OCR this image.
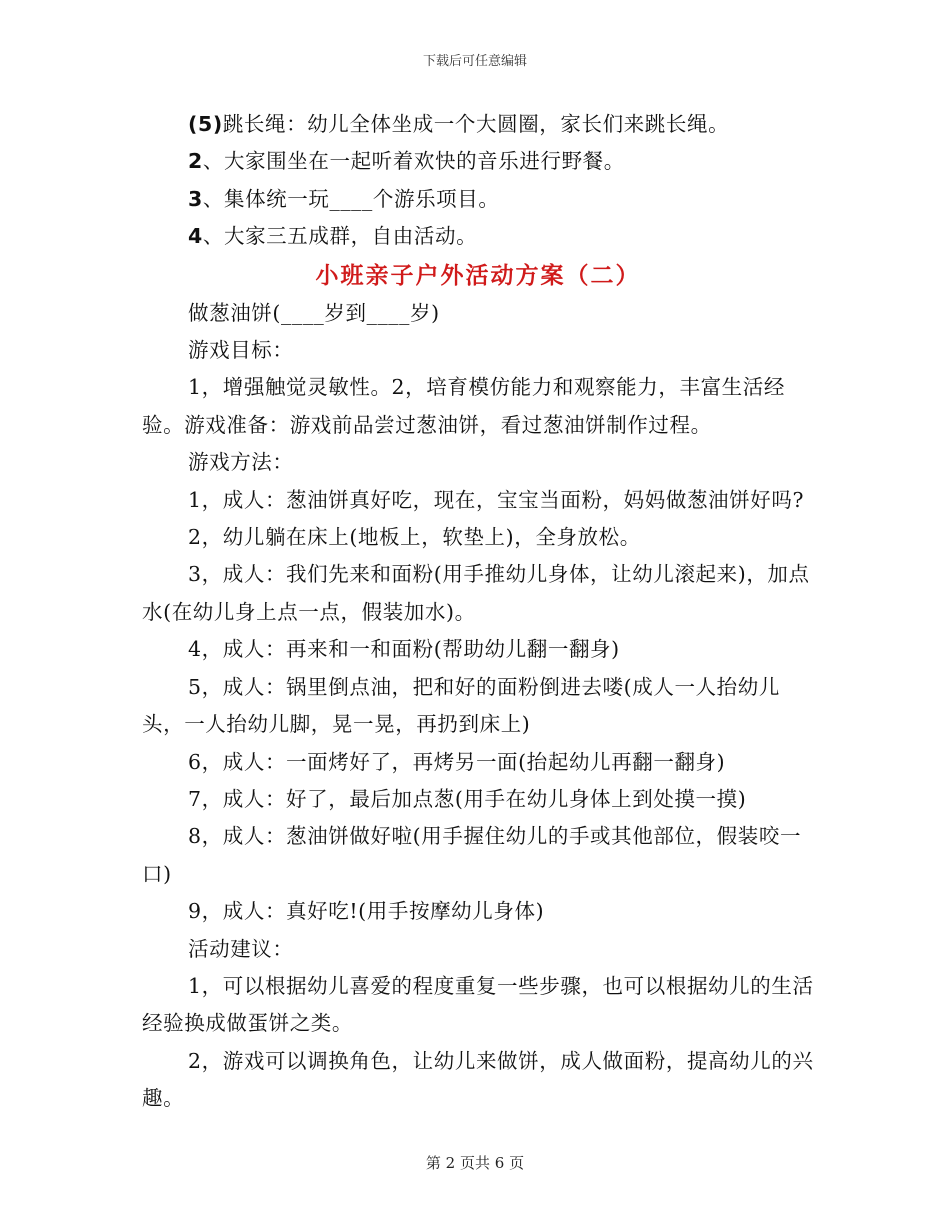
下载后可任意编辑

(5)跳长绳：幼儿全体坐成一个大圆圈，家长们来跳长绳。

2、大家围坐在一起听着欢快的音乐进行野餐。

3、集体统一玩____个游乐项目。

4、大家三五成群，自由活动。

小班亲子户外活动方案（二）

做葱油饼(____岁到____岁)

游戏目标：

1，增强触觉灵敏性。2，培育模仿能力和观察能力，丰富生活经验。游戏准备：游戏前品尝过葱油饼，看过葱油饼制作过程。

游戏方法：

1，成人：葱油饼真好吃，现在，宝宝当面粉，妈妈做葱油饼好吗?

2，幼儿躺在床上(地板上，软垫上)，全身放松。

3，成人：我们先来和面粉(用手推幼儿身体，让幼儿滚起来)，加点水(在幼儿身上点一点，假装加水)。

4，成人：再来和一和面粉(帮助幼儿翻一翻身)

5，成人：锅里倒点油，把和好的面粉倒进去喽(成人一人抬幼儿头，一人抬幼儿脚，晃一晃，再扔到床上)

6，成人：一面烤好了，再烤另一面(抬起幼儿再翻一翻身)

7，成人：好了，最后加点葱(用手在幼儿身体上到处摸一摸)

8，成人：葱油饼做好啦(用手握住幼儿的手或其他部位，假装咬一口)

9，成人：真好吃!(用手按摩幼儿身体)

活动建议：

1，可以根据幼儿喜爱的程度重复一些步骤，也可以根据幼儿的生活经验换成做蛋饼之类。

2，游戏可以调换角色，让幼儿来做饼，成人做面粉，提高幼儿的兴趣。

第 2 页共 6 页
